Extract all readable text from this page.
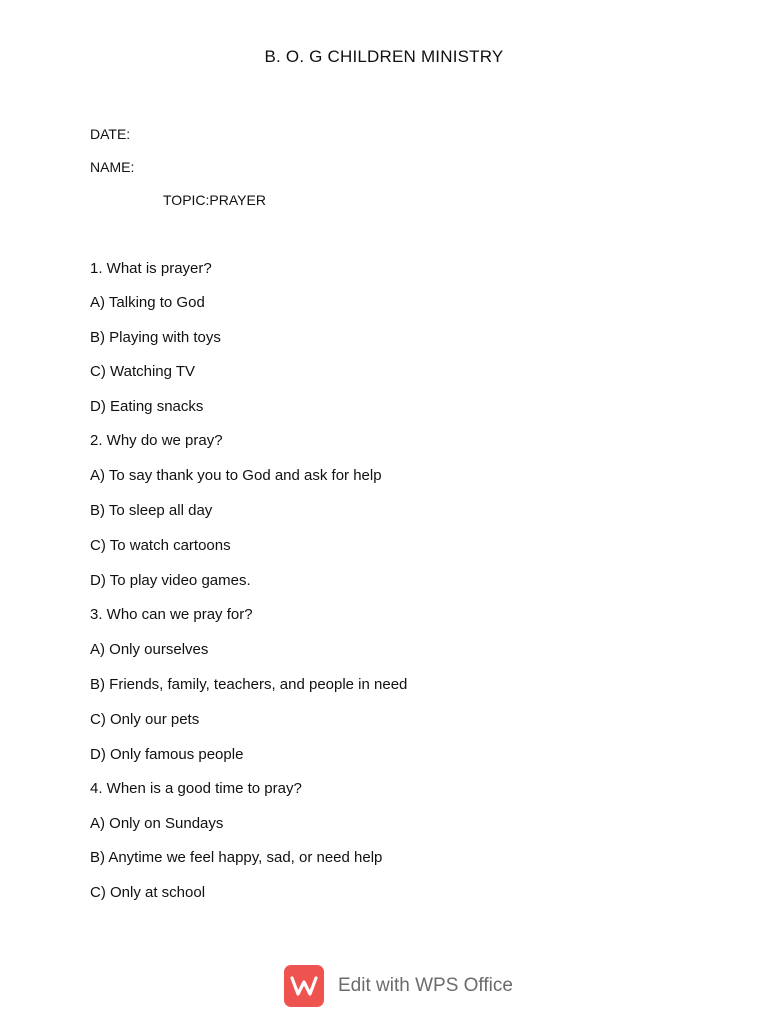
B. O. G CHILDREN MINISTRY
DATE:
NAME:
TOPIC:PRAYER
1. What is prayer?
A) Talking to God
B) Playing with toys
C) Watching TV
D) Eating snacks
2. Why do we pray?
A) To say thank you to God and ask for help
B) To sleep all day
C) To watch cartoons
D) To play video games.
3. Who can we pray for?
A) Only ourselves
B) Friends, family, teachers, and people in need
C) Only our pets
D) Only famous people
4. When is a good time to pray?
A) Only on Sundays
B) Anytime we feel happy, sad, or need help
C) Only at school
Edit with WPS Office
